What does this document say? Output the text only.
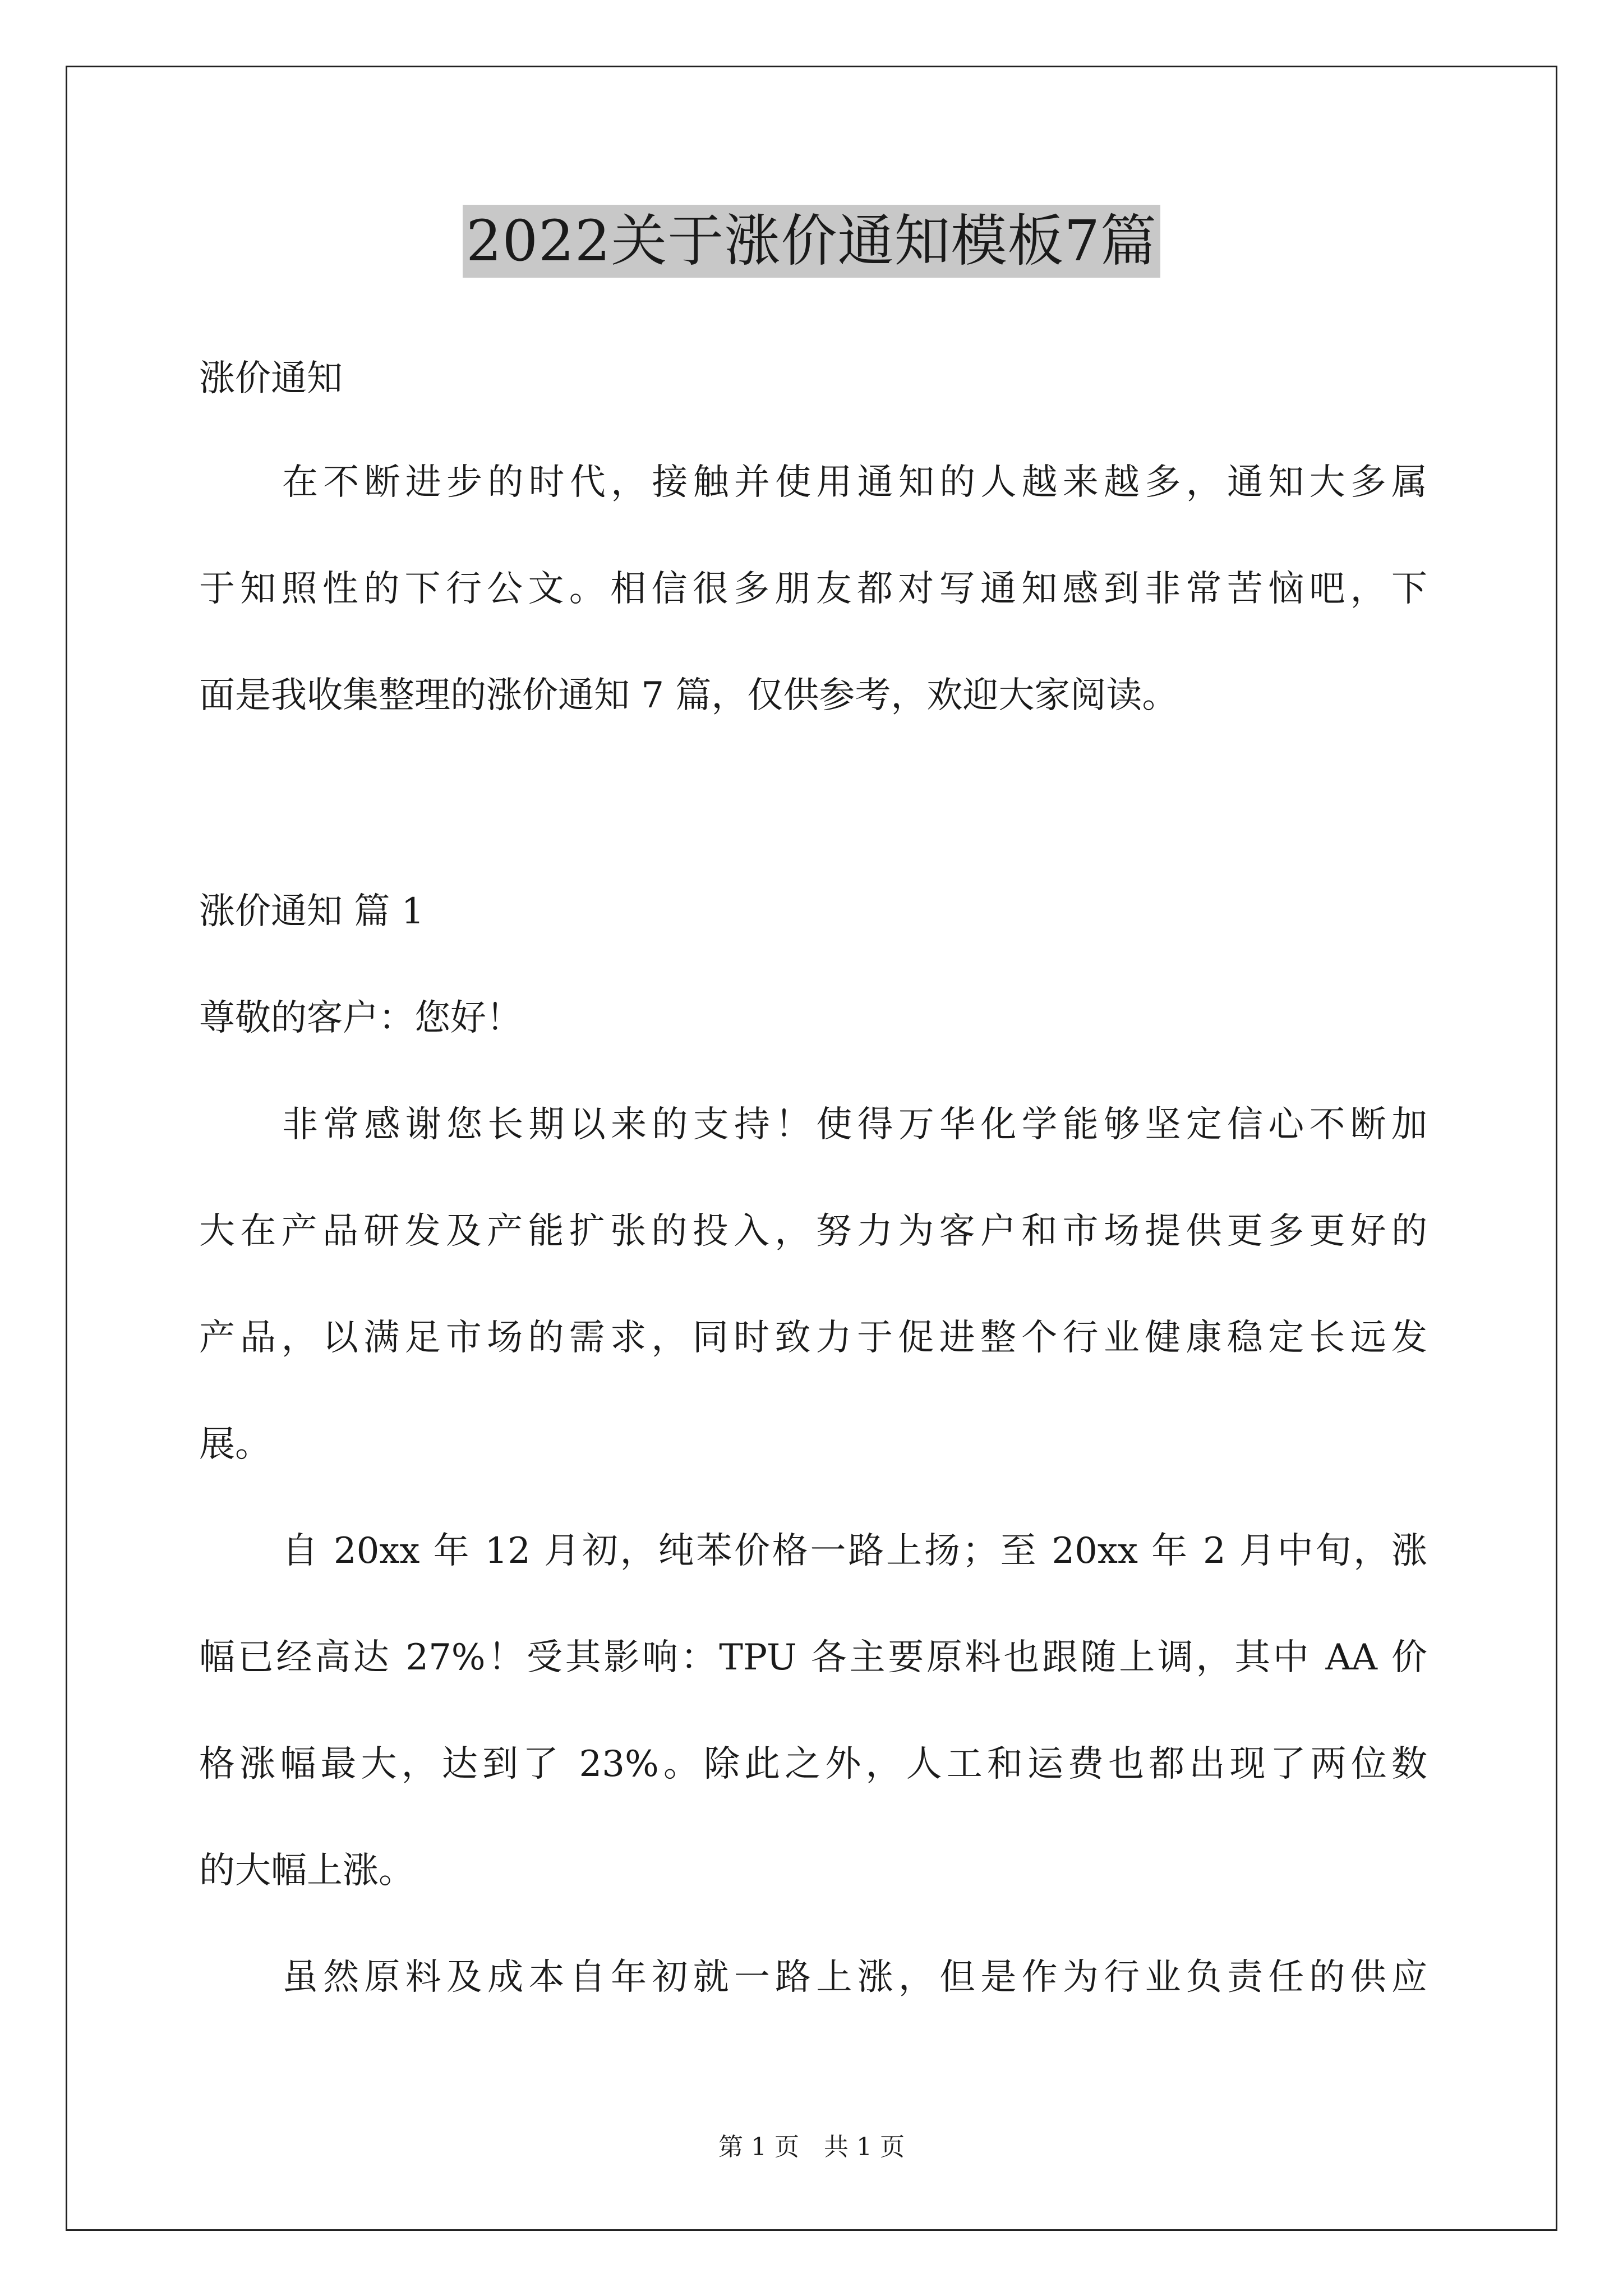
2022关于涨价通知模板7篇
涨价通知
在不断进步的时代，接触并使用通知的人越来越多，通知大多属
于知照性的下行公文。相信很多朋友都对写通知感到非常苦恼吧，下
面是我收集整理的涨价通知 7 篇，仅供参考，欢迎大家阅读。
涨价通知 篇 1
尊敬的客户：您好！
非常感谢您长期以来的支持！使得万华化学能够坚定信心不断加
大在产品研发及产能扩张的投入，努力为客户和市场提供更多更好的
产品，以满足市场的需求，同时致力于促进整个行业健康稳定长远发
展。
自 20xx 年 12 月初，纯苯价格一路上扬；至 20xx 年 2 月中旬，涨
幅已经高达 27%！受其影响：TPU 各主要原料也跟随上调，其中 AA 价
格涨幅最大，达到了 23%。除此之外，人工和运费也都出现了两位数
的大幅上涨。
虽然原料及成本自年初就一路上涨，但是作为行业负责任的供应
第 1 页　共 1 页
